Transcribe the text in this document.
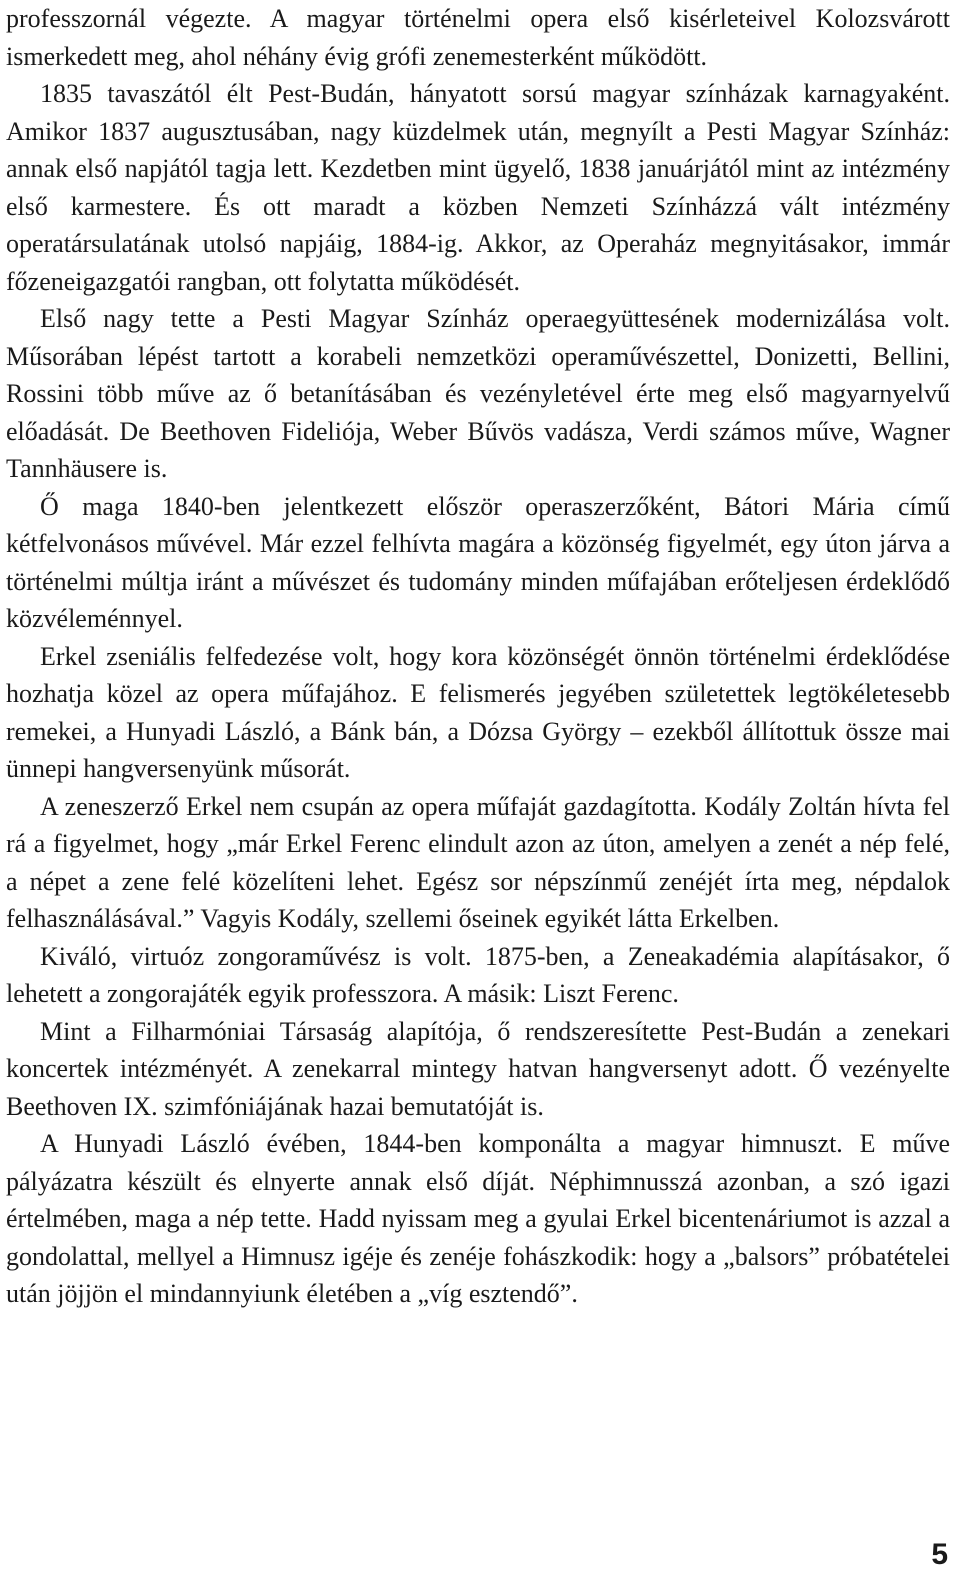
professzornál végezte. A magyar történelmi opera első kisérleteivel Kolozsvárott ismerkedett meg, ahol néhány évig grófi zenemesterként működött.

1835 tavaszától élt Pest-Budán, hányatott sorsú magyar színházak karnagyaként. Amikor 1837 augusztusában, nagy küzdelmek után, megnyílt a Pesti Magyar Színház: annak első napjától tagja lett. Kezdetben mint ügyelő, 1838 januárjától mint az intézmény első karmestere. És ott maradt a közben Nemzeti Színházzá vált intézmény operatársulatának utolsó napjáig, 1884-ig. Akkor, az Operaház megnyitásakor, immár főzeneigazgatói rangban, ott folytatta működését.

Első nagy tette a Pesti Magyar Színház operaegyüttesének modernizálása volt. Műsorában lépést tartott a korabeli nemzetközi operaművészettel, Donizetti, Bellini, Rossini több műve az ő betanításában és vezényletével érte meg első magyarnyelvű előadását. De Beethoven Fideliója, Weber Bűvös vadásza, Verdi számos műve, Wagner Tannhäusere is.

Ő maga 1840-ben jelentkezett először operaszerzőként, Bátori Mária című kétfelvonásos művével. Már ezzel felhívta magára a közönség figyelmét, egy úton járva a történelmi múltja iránt a művészet és tudomány minden műfajában erőteljesen érdeklődő közvéleménnyel.

Erkel zseniális felfedezése volt, hogy kora közönségét önnön történelmi érdeklődése hozhatja közel az opera műfajához. E felismerés jegyében születettek legtökéletesebb remekei, a Hunyadi László, a Bánk bán, a Dózsa György – ezekből állítottuk össze mai ünnepi hangversenyünk műsorát.

A zeneszerző Erkel nem csupán az opera műfaját gazdagította. Kodály Zoltán hívta fel rá a figyelmet, hogy „már Erkel Ferenc elindult azon az úton, amelyen a zenét a nép felé, a népet a zene felé közelíteni lehet. Egész sor népszínmű zenéjét írta meg, népdalok felhasználásával.” Vagyis Kodály, szellemi őseinek egyikét látta Erkelben.

Kiváló, virtuóz zongoraművész is volt. 1875-ben, a Zeneakadémia alapításakor, ő lehetett a zongorajáték egyik professzora. A másik: Liszt Ferenc.

Mint a Filharmóniai Társaság alapítója, ő rendszeresítette Pest-Budán a zenekari koncertek intézményét. A zenekarral mintegy hatvan hangversenyt adott. Ő vezényelte Beethoven IX. szimfóniájának hazai bemutatóját is.

A Hunyadi László évében, 1844-ben komponálta a magyar himnuszt. E műve pályázatra készült és elnyerte annak első díját. Néphimnusszá azonban, a szó igazi értelmében, maga a nép tette. Hadd nyissam meg a gyulai Erkel bicentenáriumot is azzal a gondolattal, mellyel a Himnusz igéje és zenéje fohászkodik: hogy a „balsors” próbatételei után jöjjön el mindannyiunk életében a „víg esztendő”.

5
